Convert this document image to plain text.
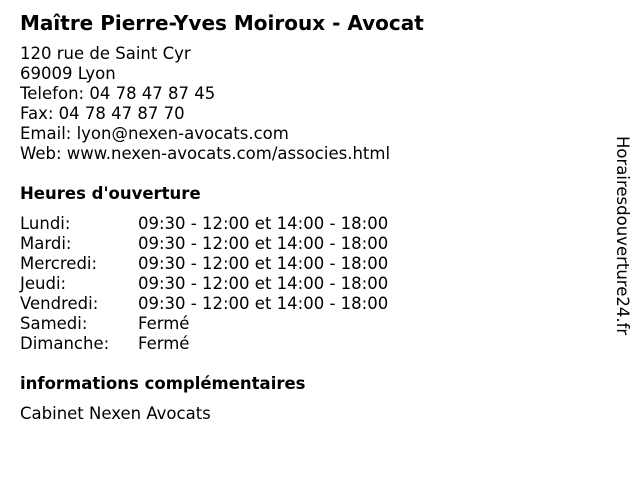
Maître Pierre-Yves Moiroux - Avocat
120 rue de Saint Cyr
69009 Lyon
Telefon: 04 78 47 87 45
Fax: 04 78 47 87 70
Email: lyon@nexen-avocats.com
Web: www.nexen-avocats.com/associes.html
Heures d'ouverture
Lundi:	09:30 - 12:00 et 14:00 - 18:00
Mardi:	09:30 - 12:00 et 14:00 - 18:00
Mercredi:	09:30 - 12:00 et 14:00 - 18:00
Jeudi:	09:30 - 12:00 et 14:00 - 18:00
Vendredi:	09:30 - 12:00 et 14:00 - 18:00
Samedi:	Fermé
Dimanche:	Fermé
informations complémentaires
Cabinet Nexen Avocats
Horairesdouverture24.fr
